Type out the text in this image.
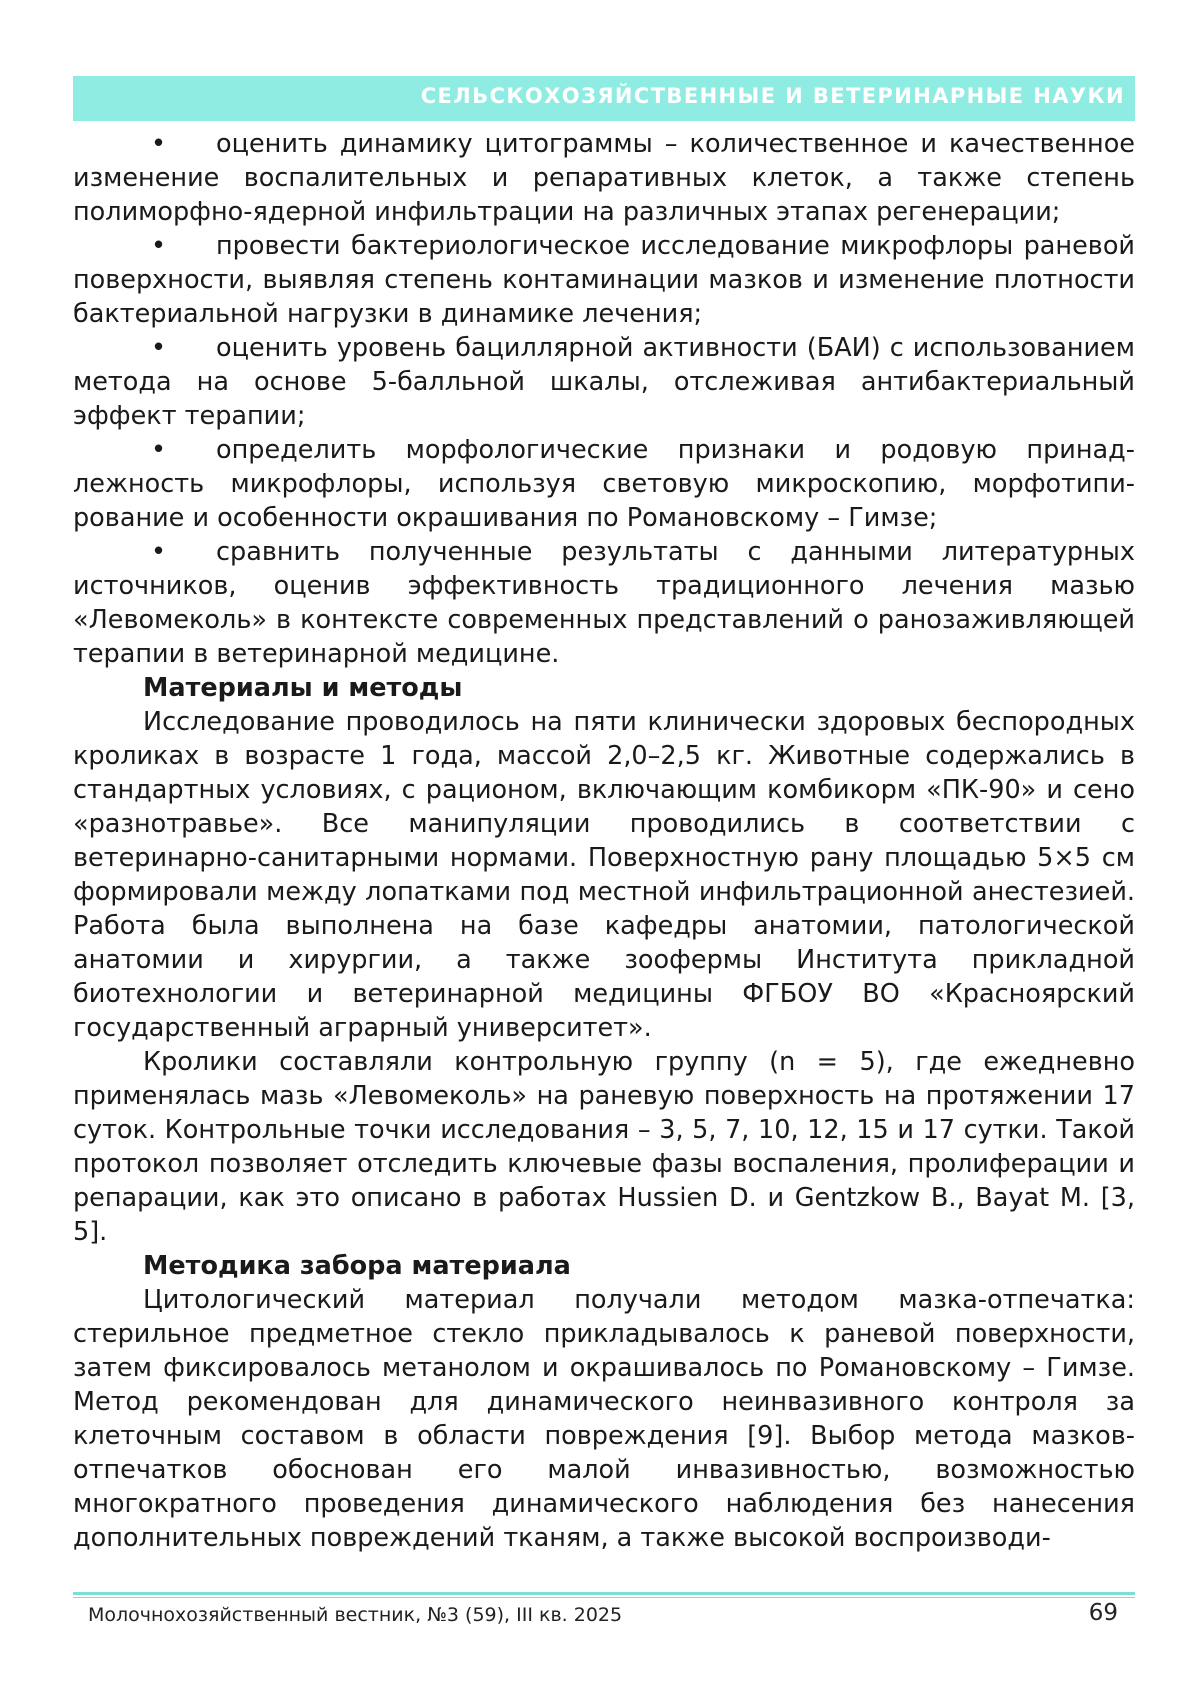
СЕЛЬСКОХОЗЯЙСТВЕННЫЕ И ВЕТЕРИНАРНЫЕ НАУКИ
• оценить динамику цитограммы – количественное и каче­ственное изменение воспалительных и репаративных клеток, а также степень полиморфно-ядерной инфильтрации на различных этапах ре­генерации;
• провести бактериологическое исследование микрофлоры ра­невой поверхности, выявляя степень контаминации мазков и измене­ние плотности бактериальной нагрузки в динамике лечения;
• оценить уровень бациллярной активности (БАИ) с использо­ванием метода на основе 5-балльной шкалы, отслеживая антибактери­альный эффект терапии;
• определить морфологические признаки и родовую принад­лежность микрофлоры, используя световую микроскопию, морфотипи­рование и особенности окрашивания по Романовскому – Гимзе;
• сравнить полученные результаты с данными литературных источников, оценив эффективность традиционного лечения мазью «Левомеколь» в контексте современных представлений о ранозажив­ляющей терапии в ветеринарной медицине.
Материалы и методы

Исследование проводилось на пяти клинически здоровых беспо­родных кроликах в возрасте 1 года, массой 2,0–2,5 кг. Животные со­держались в стандартных условиях, с рационом, включающим комби­корм «ПК-90» и сено «разнотравье». Все манипуляции проводились в соответствии с ветеринарно-санитарными нормами. Поверхностную рану площадью 5×5 см формировали между лопатками под местной ин­фильтрационной анестезией. Работа была выполнена на базе кафедры анатомии, патологической анатомии и хирургии, а также зоофермы Ин­ститута прикладной биотехнологии и ветеринарной медицины ФГБОУ ВО «Красноярский государственный аграрный университет».

Кролики составляли контрольную группу (n = 5), где ежедневно применялась мазь «Левомеколь» на раневую поверхность на протяже­нии 17 суток. Контрольные точки исследования – 3, 5, 7, 10, 12, 15 и 17 сутки. Такой протокол позволяет отследить ключевые фазы воспа­ления, пролиферации и репарации, как это описано в работах Hussien D. и Gentzkow B., Bayat M. [3, 5].

Методика забора материала

Цитологический материал получали методом мазка-отпечатка: стерильное предметное стекло прикладывалось к раневой поверхно­сти, затем фиксировалось метанолом и окрашивалось по Романовскому – Гимзе. Метод рекомендован для динамического неинвазивного кон­троля за клеточным составом в области повреждения [9]. Выбор метода мазков-отпечатков обоснован его малой инвазивностью, возможностью многократного проведения динамического наблюдения без нанесения дополнительных повреждений тканям, а также высокой воспроизводи-

Молочнохозяйственный вестник, №3 (59), III кв. 2025	69
